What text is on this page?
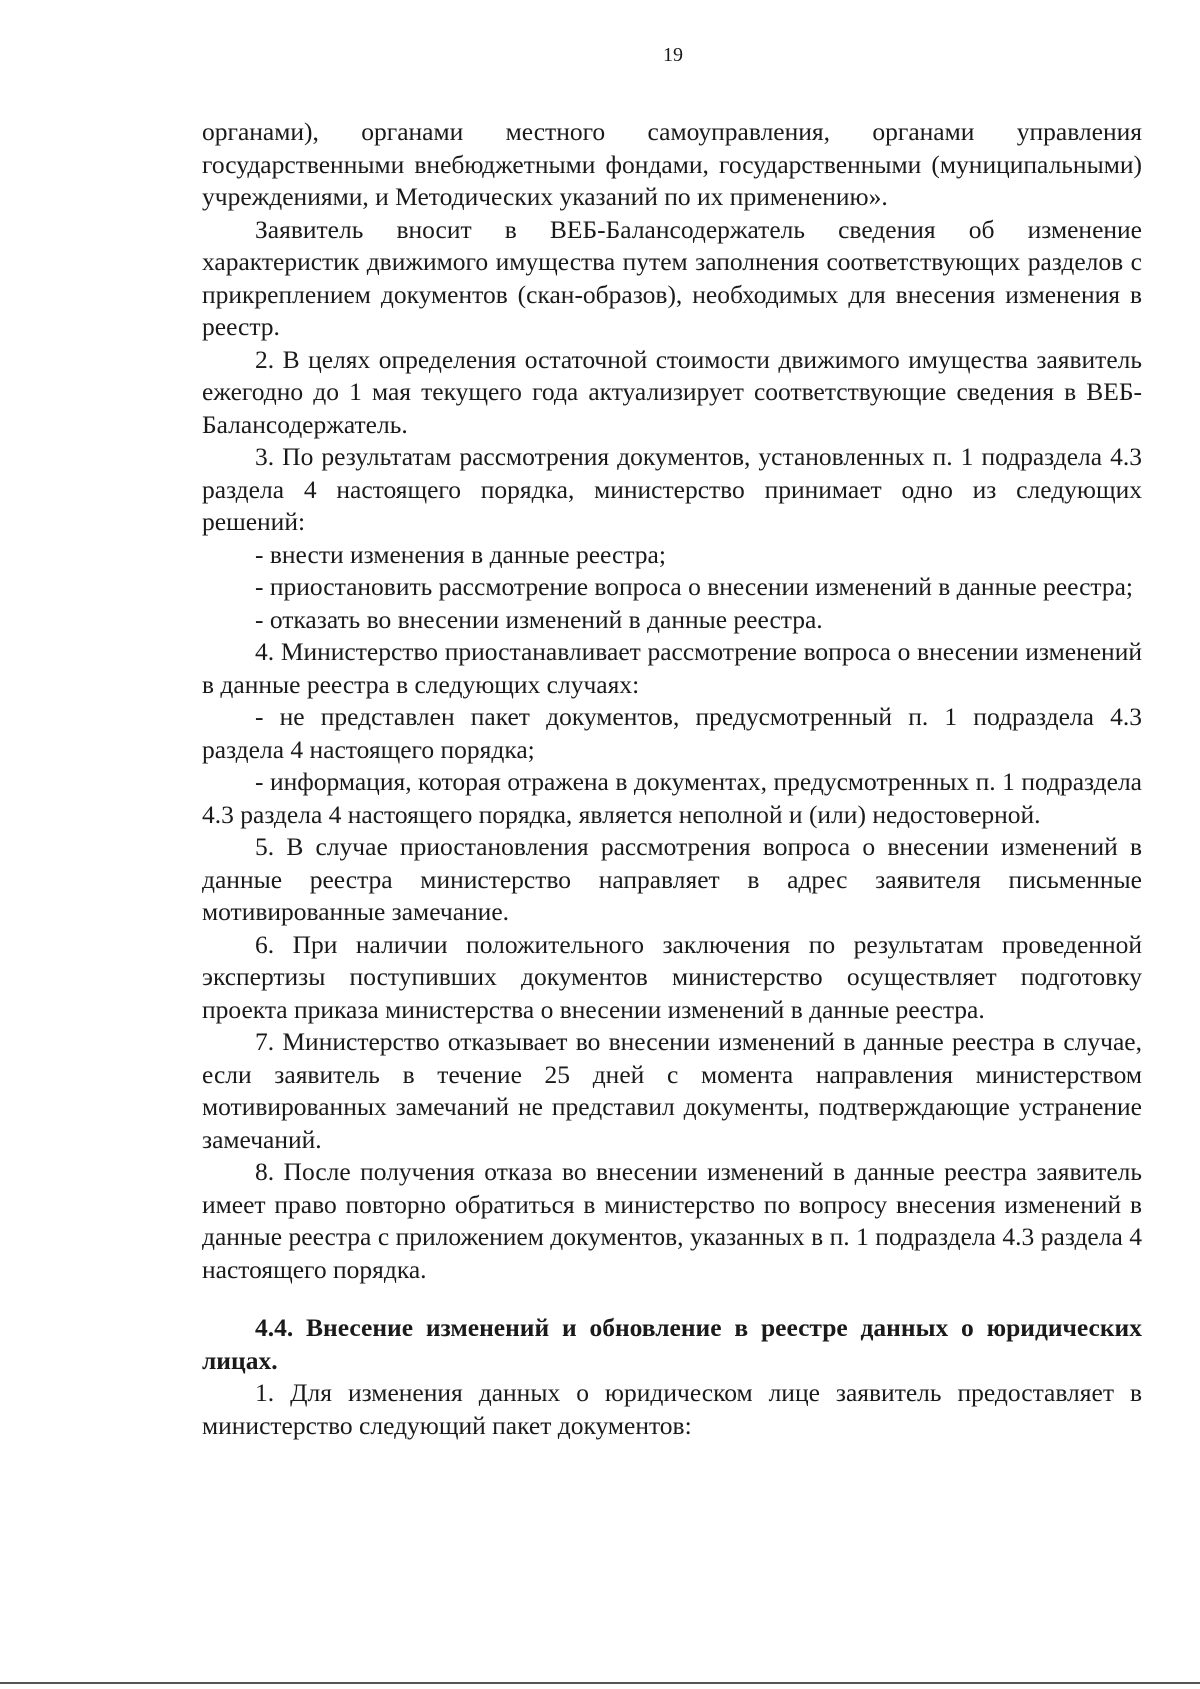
19

органами), органами местного самоуправления, органами управления государственными внебюджетными фондами, государственными (муниципальными) учреждениями, и Методических указаний по их применению».

Заявитель вносит в ВЕБ-Балансодержатель сведения об изменение характеристик движимого имущества путем заполнения соответствующих разделов с прикреплением документов (скан-образов), необходимых для внесения изменения в реестр.

2. В целях определения остаточной стоимости движимого имущества заявитель ежегодно до 1 мая текущего года актуализирует соответствующие сведения в ВЕБ-Балансодержатель.

3. По результатам рассмотрения документов, установленных п. 1 подраздела 4.3 раздела 4 настоящего порядка, министерство принимает одно из следующих решений:

- внести изменения в данные реестра;

- приостановить рассмотрение вопроса о внесении изменений в данные реестра;

- отказать во внесении изменений в данные реестра.

4. Министерство приостанавливает рассмотрение вопроса о внесении изменений в данные реестра в следующих случаях:

- не представлен пакет документов, предусмотренный п. 1 подраздела 4.3 раздела 4 настоящего порядка;

- информация, которая отражена в документах, предусмотренных п. 1 подраздела 4.3 раздела 4 настоящего порядка, является неполной и (или) недостоверной.

5. В случае приостановления рассмотрения вопроса о внесении изменений в данные реестра министерство направляет в адрес заявителя письменные мотивированные замечание.

6. При наличии положительного заключения по результатам проведенной экспертизы поступивших документов министерство осуществляет подготовку проекта приказа министерства о внесении изменений в данные реестра.

7. Министерство отказывает во внесении изменений в данные реестра в случае, если заявитель в течение 25 дней с момента направления министерством мотивированных замечаний не представил документы, подтверждающие устранение замечаний.

8. После получения отказа во внесении изменений в данные реестра заявитель имеет право повторно обратиться в министерство по вопросу внесения изменений в данные реестра с приложением документов, указанных в п. 1 подраздела 4.3 раздела 4 настоящего порядка.

4.4. Внесение изменений и обновление в реестре данных о юридических лицах.

1. Для изменения данных о юридическом лице заявитель предоставляет в министерство следующий пакет документов:
